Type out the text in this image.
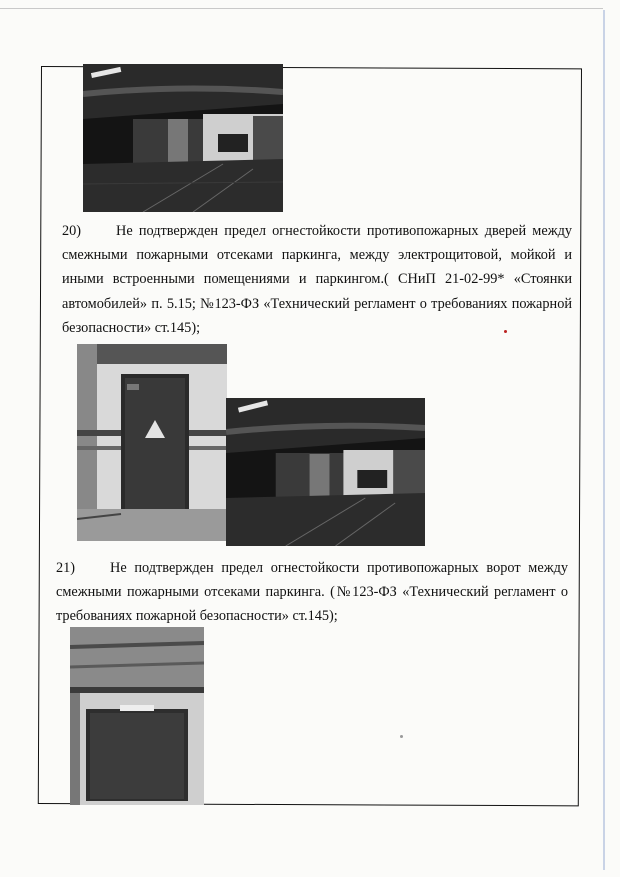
20) Не подтвержден предел огнестойкости противопожарных дверей между смежными пожарными отсеками паркинга, между электрощитовой, мойкой и иными встроенными помещениями и паркингом.( СНиП 21-02-99* «Стоянки автомобилей» п. 5.15; №123-ФЗ «Технический регламент о требованиях пожарной безопасности» ст.145);
21) Не подтвержден предел огнестойкости противопожарных ворот между смежными пожарными отсеками паркинга. (№123-ФЗ «Технический регламент о требованиях пожарной безопасности» ст.145);
